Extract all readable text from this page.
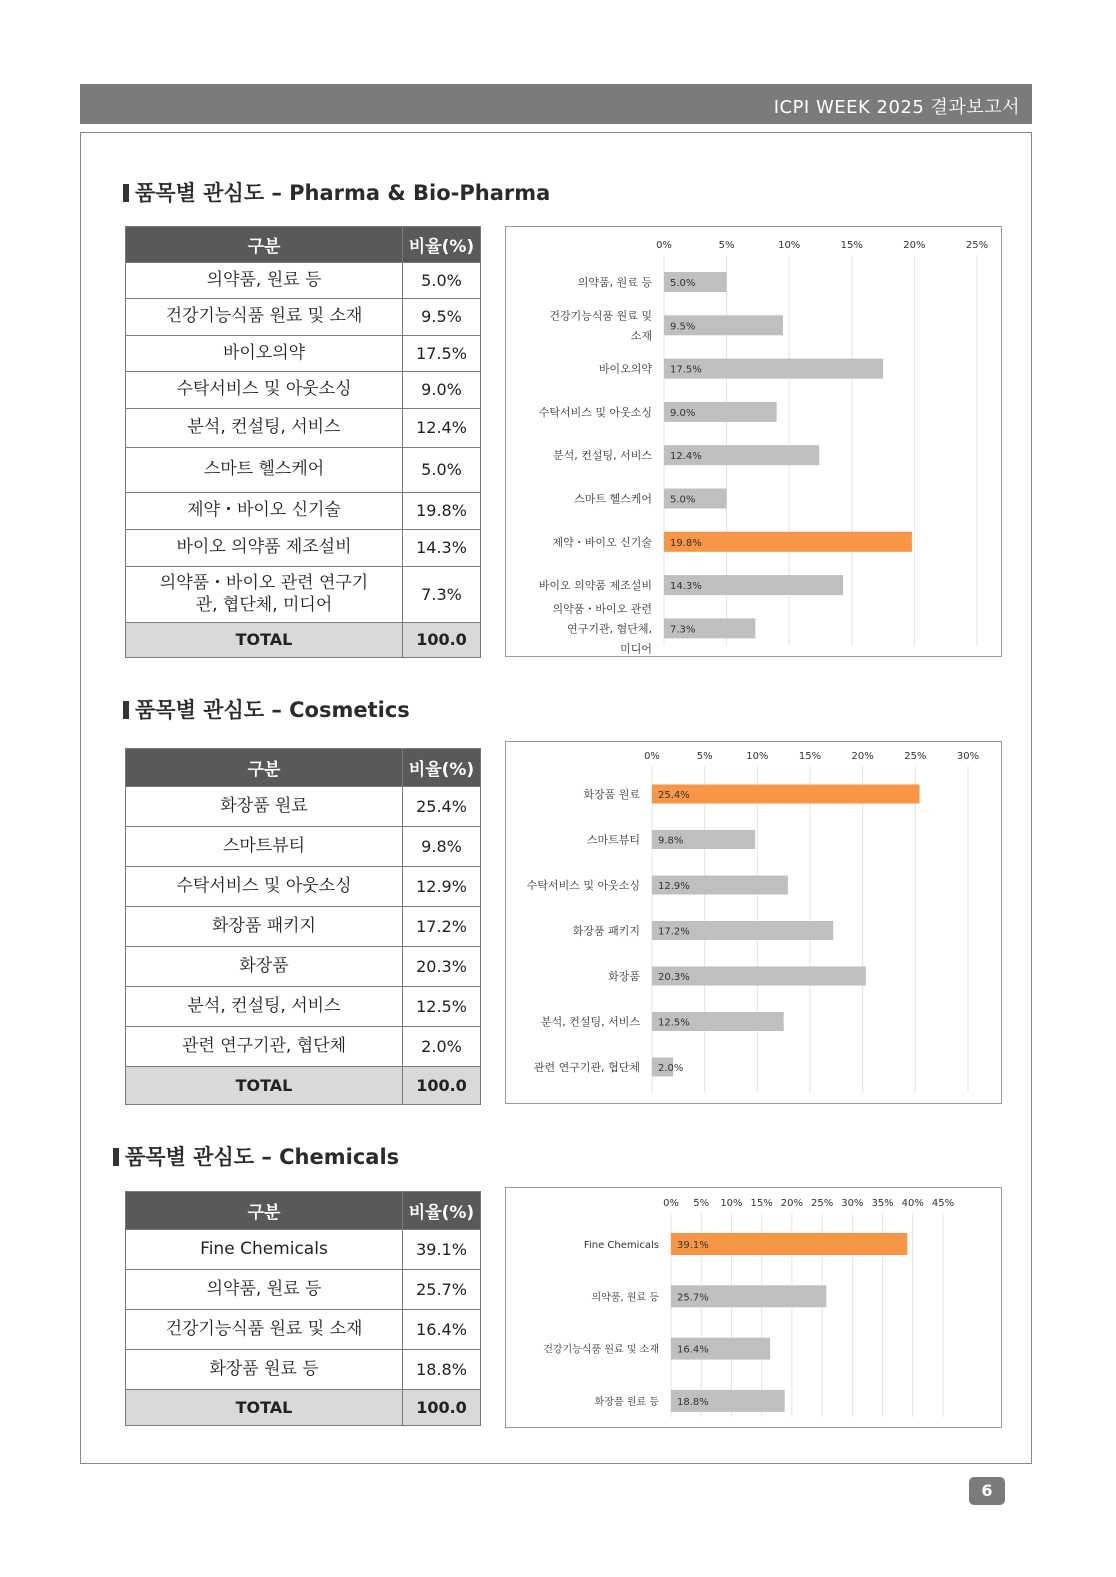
ICPI WEEK 2025 결과보고서
품목별 관심도 – Pharma & Bio-Pharma
구분	비율(%)
의약품, 원료 등	5.0%
건강기능식품 원료 및 소재	9.5%
바이오의약	17.5%
수탁서비스 및 아웃소싱	9.0%
분석, 컨설팅, 서비스	12.4%
스마트 헬스케어	5.0%
제약・바이오 신기술	19.8%
바이오 의약품 제조설비	14.3%
의약품・바이오 관련 연구기관, 협단체, 미디어	7.3%
TOTAL	100.0
0%	5%	10%	15%	20%	25%
5.0%
의약품, 원료 등
9.5%
건강기능식품 원료 및 소재
17.5%
바이오의약
9.0%
수탁서비스 및 아웃소싱
12.4%
분석, 컨설팅, 서비스
5.0%
스마트 헬스케어
19.8%
제약・바이오 신기술
14.3%
바이오 의약품 제조설비
7.3%
의약품・바이오 관련 연구기관, 협단체, 미디어
품목별 관심도 – Cosmetics
구분	비율(%)
화장품 원료	25.4%
스마트뷰티	9.8%
수탁서비스 및 아웃소싱	12.9%
화장품 패키지	17.2%
화장품	20.3%
분석, 컨설팅, 서비스	12.5%
관련 연구기관, 협단체	2.0%
TOTAL	100.0
0%	5%	10%	15%	20%	25%	30%
25.4%
화장품 원료
9.8%
스마트뷰티
12.9%
수탁서비스 및 아웃소싱
17.2%
화장품 패키지
20.3%
화장품
12.5%
분석, 컨설팅, 서비스
2.0%
관련 연구기관, 협단체
품목별 관심도 – Chemicals
구분	비율(%)
Fine Chemicals	39.1%
의약품, 원료 등	25.7%
건강기능식품 원료 및 소재	16.4%
화장품 원료 등	18.8%
TOTAL	100.0
0% 5% 10% 15% 20% 25% 30% 35% 40% 45%
39.1%
Fine Chemicals
25.7%
의약품, 원료 등
16.4%
건강기능식품 원료 및 소재
18.8%
화장품 원료 등
6
